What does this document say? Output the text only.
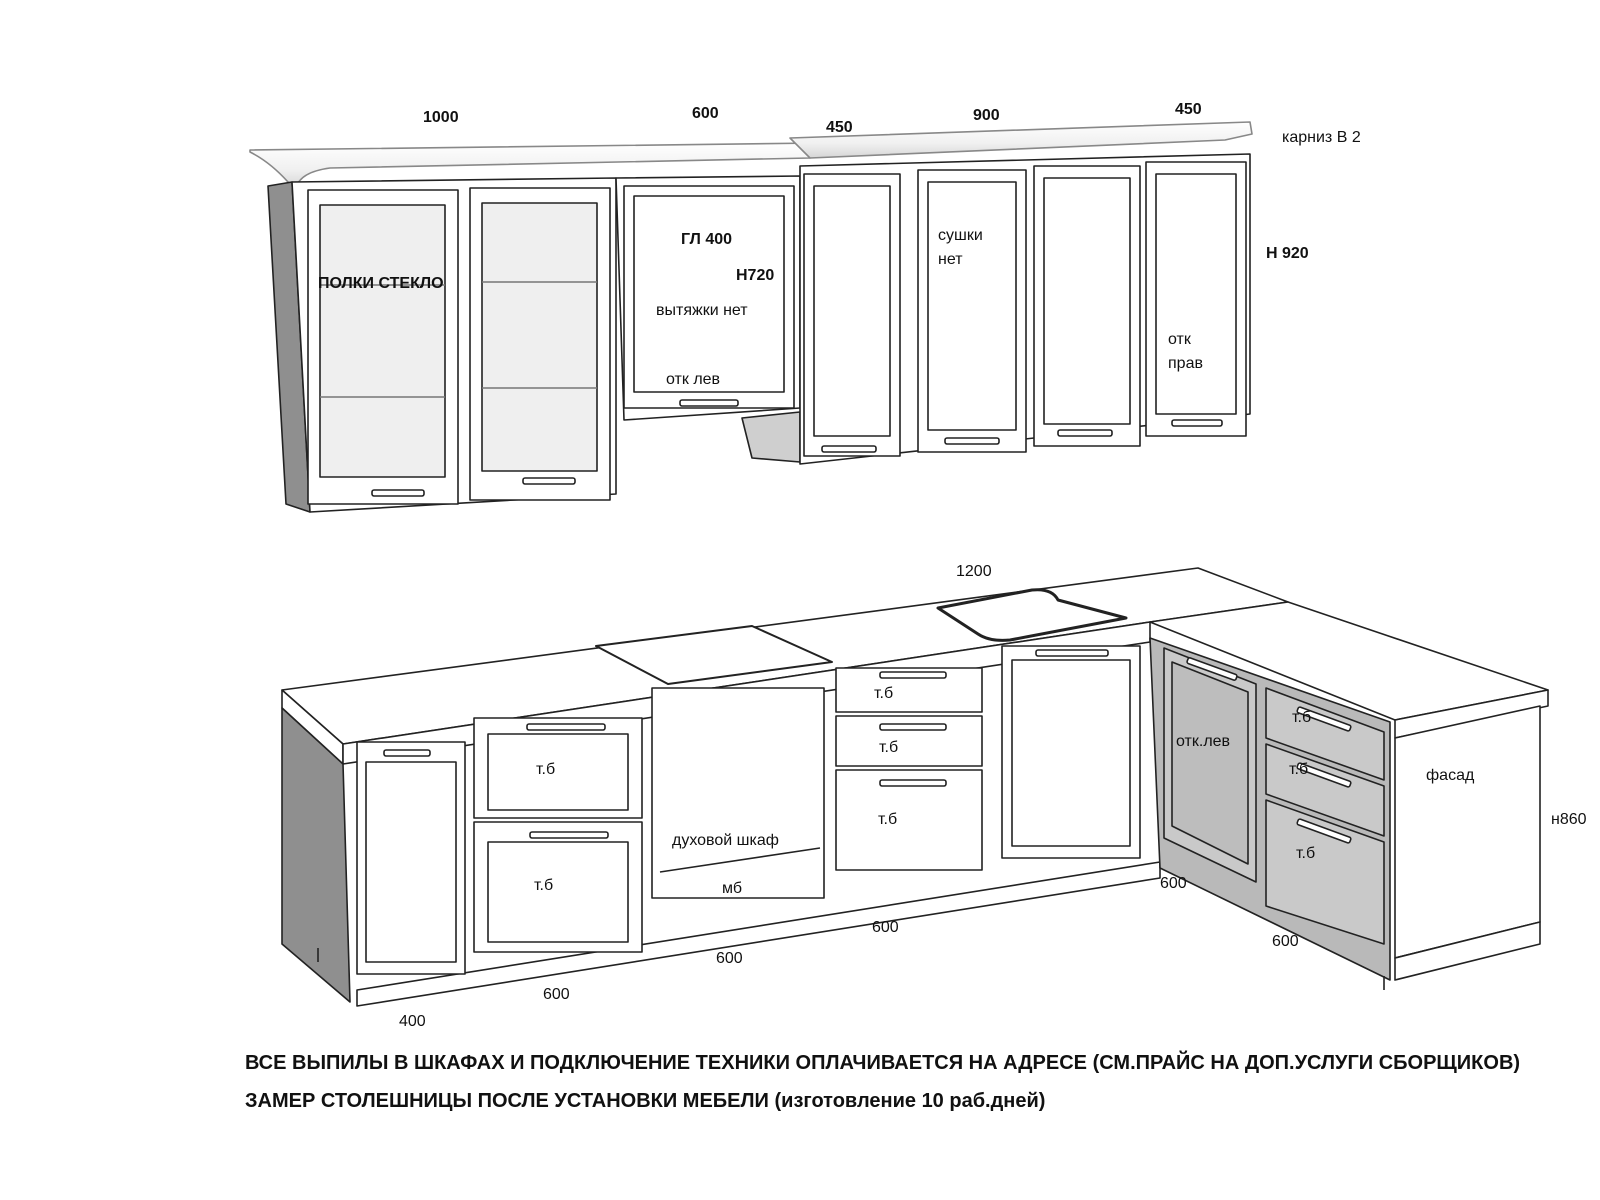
1000	600
450
900	450
карниз В 2
Н 920
ПОЛКИ СТЕКЛО
ГЛ 400
Н720
вытяжки нет
отк лев
сушки
нет
отк
прав
1200
400
600
600
600
600
600
н860
т.б
т.б
т.б
т.б
т.б
т.б
т.б
т.б
духовой шкаф
мб
отк.лев
фасад
ВСЕ ВЫПИЛЫ В ШКАФАХ И ПОДКЛЮЧЕНИЕ ТЕХНИКИ ОПЛАЧИВАЕТСЯ НА АДРЕСЕ (СМ.ПРАЙС НА ДОП.УСЛУГИ СБОРЩИКОВ)
ЗАМЕР СТОЛЕШНИЦЫ ПОСЛЕ УСТАНОВКИ МЕБЕЛИ (изготовление 10 раб.дней)
